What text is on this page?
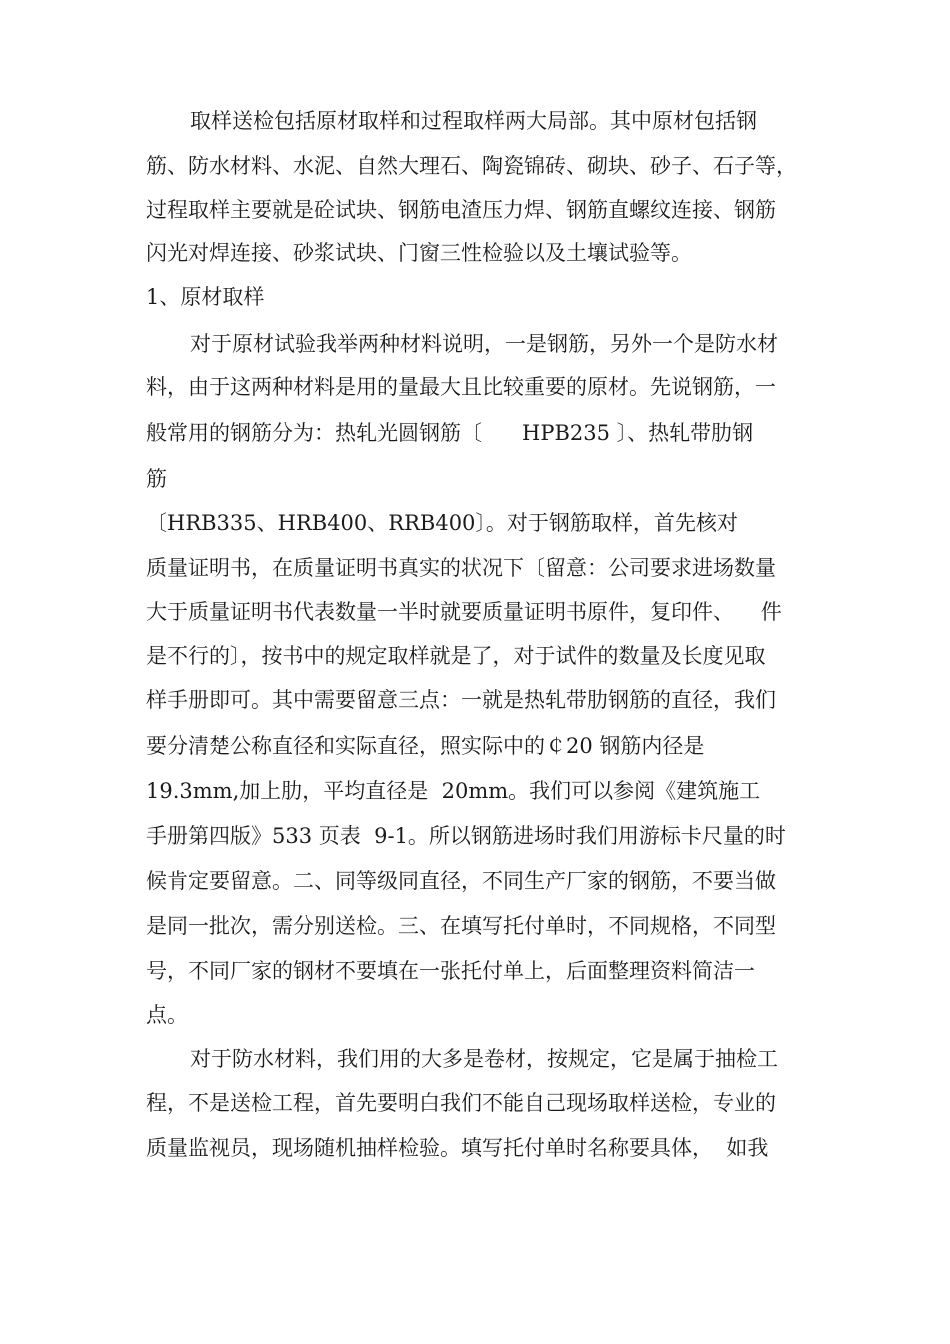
取样送检包括原材取样和过程取样两大局部。其中原材包括钢
筋、防水材料、水泥、自然大理石、陶瓷锦砖、砌块、砂子、石子等，
过程取样主要就是砼试块、钢筋电渣压力焊、钢筋直螺纹连接、钢筋
闪光对焊连接、砂浆试块、门窗三性检验以及土壤试验等。
1、原材取样
对于原材试验我举两种材料说明，一是钢筋，另外一个是防水材
料，由于这两种材料是用的量最大且比较重要的原材。先说钢筋，一
般常用的钢筋分为：热轧光圆钢筋〔      HPB235 〕、热轧带肋钢
筋
〔HRB335、HRB400、RRB400〕。对于钢筋取样，首先核对
质量证明书，在质量证明书真实的状况下〔留意：公司要求进场数量
大于质量证明书代表数量一半时就要质量证明书原件，复印件、    件
是不行的〕，按书中的规定取样就是了，对于试件的数量及长度见取
样手册即可。其中需要留意三点：一就是热轧带肋钢筋的直径，我们
要分清楚公称直径和实际直径，照实际中的￠20 钢筋内径是
19.3mm,加上肋，平均直径是  20mm。我们可以参阅《建筑施工
手册第四版》533 页表  9-1。所以钢筋进场时我们用游标卡尺量的时
候肯定要留意。二、同等级同直径，不同生产厂家的钢筋，不要当做
是同一批次，需分别送检。三、在填写托付单时，不同规格，不同型
号，不同厂家的钢材不要填在一张托付单上，后面整理资料简洁一
点。
对于防水材料，我们用的大多是卷材，按规定，它是属于抽检工
程，不是送检工程，首先要明白我们不能自己现场取样送检，专业的
质量监视员，现场随机抽样检验。填写托付单时名称要具体，  如我
